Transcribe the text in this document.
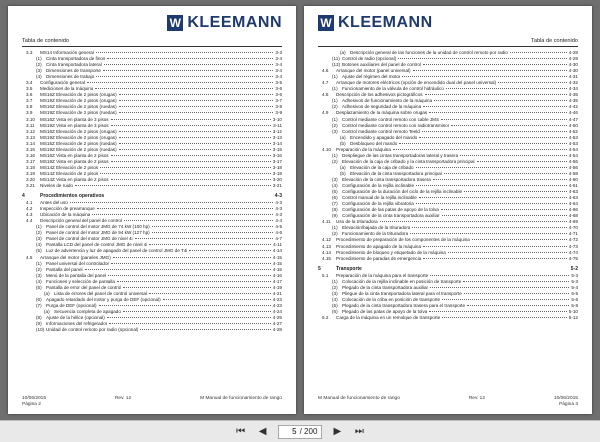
W KLEEMANN
Tabla de contenido
3.3	MS14 Información general	3-3
(1) Cinta transportadora de finos	3-4
(2) Cinta transportadora lateral	3-4
(3) Dimensiones de transporte	3-4
(4) Dimensiones de trabajo	3-4
3.4	Configuración general	3-5
3.5	Mediciones de la máquina	3-6
3.6	MS16Z Elevación de 2 pisos (orugas)	3-6
3.7	MS19Z Elevación de 2 pisos (orugas)	3-7
3.8	MS16Z Elevación de 2 pisos (ruedas)	3-8
3.9	MS19Z Elevación de 2 pisos (ruedas)	3-9
3.10	MS16Z Vista en planta de 3 pisos	3-10
3.11	MS19Z Vista en planta de 3 pisos	3-11
3.12	MS16Z Elevación de 2 pisos (orugas)	3-12
3.13	MS19Z Elevación de 2 pisos (orugas)	3-13
3.14	MS16Z Elevación de 2 pisos (ruedas)	3-14
3.15	MS19Z Elevación de 2 pisos (ruedas)	3-15
3.16	MS16Z Vista en planta de 2 pisos	3-16
3.17	MS19Z Vista en planta de 2 pisos	3-17
3.18	MS14Z Elevación de 2 pisos	3-18
3.19	MS14Z Elevación de 2 pisos	3-19
3.20	MS14Z Vista en planta de 2 pisos	3-20
3.21	Niveles de ruido	3-21
4	Procedimientos operativos	4-3
4.1	Antes del uso	4-3
4.2	Inspección de prearranque	4-3
4.3	Ubicación de la máquina	4-3
4.4	Descripción general del panel de control	4-4
(1) Panel de control del motor JMG de 74 kW (100 hp)	4-5
(2) Panel de control del motor JMG de 94 kW (127 hp)	4-6
(3) Panel de control del motor JMG de nivel 4i	4-7
(4) Pantalla LCD del panel de control JMG de nivel 4i	4-11
(5) Luz de advertencia y luz de apagado del panel de control JMG de T4i	4-14
4.5	Arranque del motor (paneles JMG)	4-15
(1) Panel universal del controlador	4-15
(2) Pantalla del panel	4-15
(3) Menú de la pantalla del panel	4-16
(4) Funciones y selección de pantalla	4-17
(5) Pantalla de error del panel de control	4-19
(a) Lista de errores del panel de control universal	4-21
(6) Apagado retardado del motor y purga de DEF (opcional)	4-23
(7) Purga de DEF (opcional)	4-23
(a) Secuencia completa de apagado	4-24
(8) Ajuste de la hélice (opcional)	4-25
(9) Informaciones del refrigerador	4-27
(10) Unidad de control remoto por radio (opcional)	4-28
10/06/2015
Página 2
Rev. 12	M Manual de funcionamiento de rango
W KLEEMANN
Tabla de contenido
(a) Descripción general de las funciones de la unidad de control remoto por radio	4-28
(11) Control de radio (opcional)	4-29
(12) Botones auxiliares del panel de control	4-30
4.6	Arranque del motor (panel universal)	4-30
(1) Ajuste del régimen del motor	4-31
4.7	Arranque de motores eléctricos (opción de encendido dual del panel universal)	4-32
(1) Funcionamiento de la válvula de control hidráulico	4-34
4.8	Descripción de los adhesivos pictográficos	4-35
(1) Adhesivos de funcionamiento de la máquina	4-35
(2) Adhesivos de seguridad de la máquina	4-42
4.9	Desplazamiento de la máquina sobre orugas	4-46
(1) Control mediante control remoto con cable JMS	4-47
(2) Control mediante control remoto con radiotransmisor	4-50
(3) Control mediante control remoto Teeld	4-52
(a) Encendido y apagado del mando	4-53
(b) Desbloqueo del mando	4-53
4.10	Preparación de la máquina	4-54
(1) Despliegue de las cintas transportadoras lateral y trasera	4-54
(2) Elevación de la caja de cribado y la cinta transportadora principal	4-56
(a) Elevación de la caja de cribado	4-56
(b) Elevación de la cinta transportadora principal	4-58
(3) Elevación de la cinta transportadora trasera	4-60
(4) Configuración de la rejilla inclinable	4-61
(5) Configuración de la duración del ciclo de la rejilla inclinable	4-63
(6) Control manual de la rejilla inclinable	4-63
(7) Configuración de la rejilla vibratoria	4-64
(8) Configuración de las patas de apoyo de la tolva	4-66
(9) Configuración de la cinta transportadora auxiliar	4-68
4.11	Uso de la trituradora	4-69
(1) Elevación/bajada de la trituradora	4-70
(2) Funcionamiento de la trituradora	4-71
4.12	Procedimiento de preparación de los componentes de la máquina	4-72
4.13	Procedimiento de apagado de la máquina	4-73
4.14	Procedimiento de bloqueo y etiquetado de la máquina	4-74
4.15	Procedimiento de paradas de emergencia	4-75
5	Transporte	5-2
5.1	Preparación de la máquina para el transporte	5-3
(1) Colocación de la rejilla inclinable en posición de transporte	5-3
(2) Plegado de la cinta transportadora auxiliar	5-4
(3) Pliegue de la cinta transportadora lateral para el transporte	5-5
(4) Colocación de la criba en posición de transporte	5-6
(5) Plegado de la cinta transportadora trasera para el transporte	5-8
(6) Plegado de las patas de apoyo de la tolva	5-10
5.2	Carga de la máquina en un remolque de transporte	5-12
M Manual de funcionamiento de rango	Rev. 12	10/06/2015
Página 3
⏮	◀
5	/ 200	▶	⏭
